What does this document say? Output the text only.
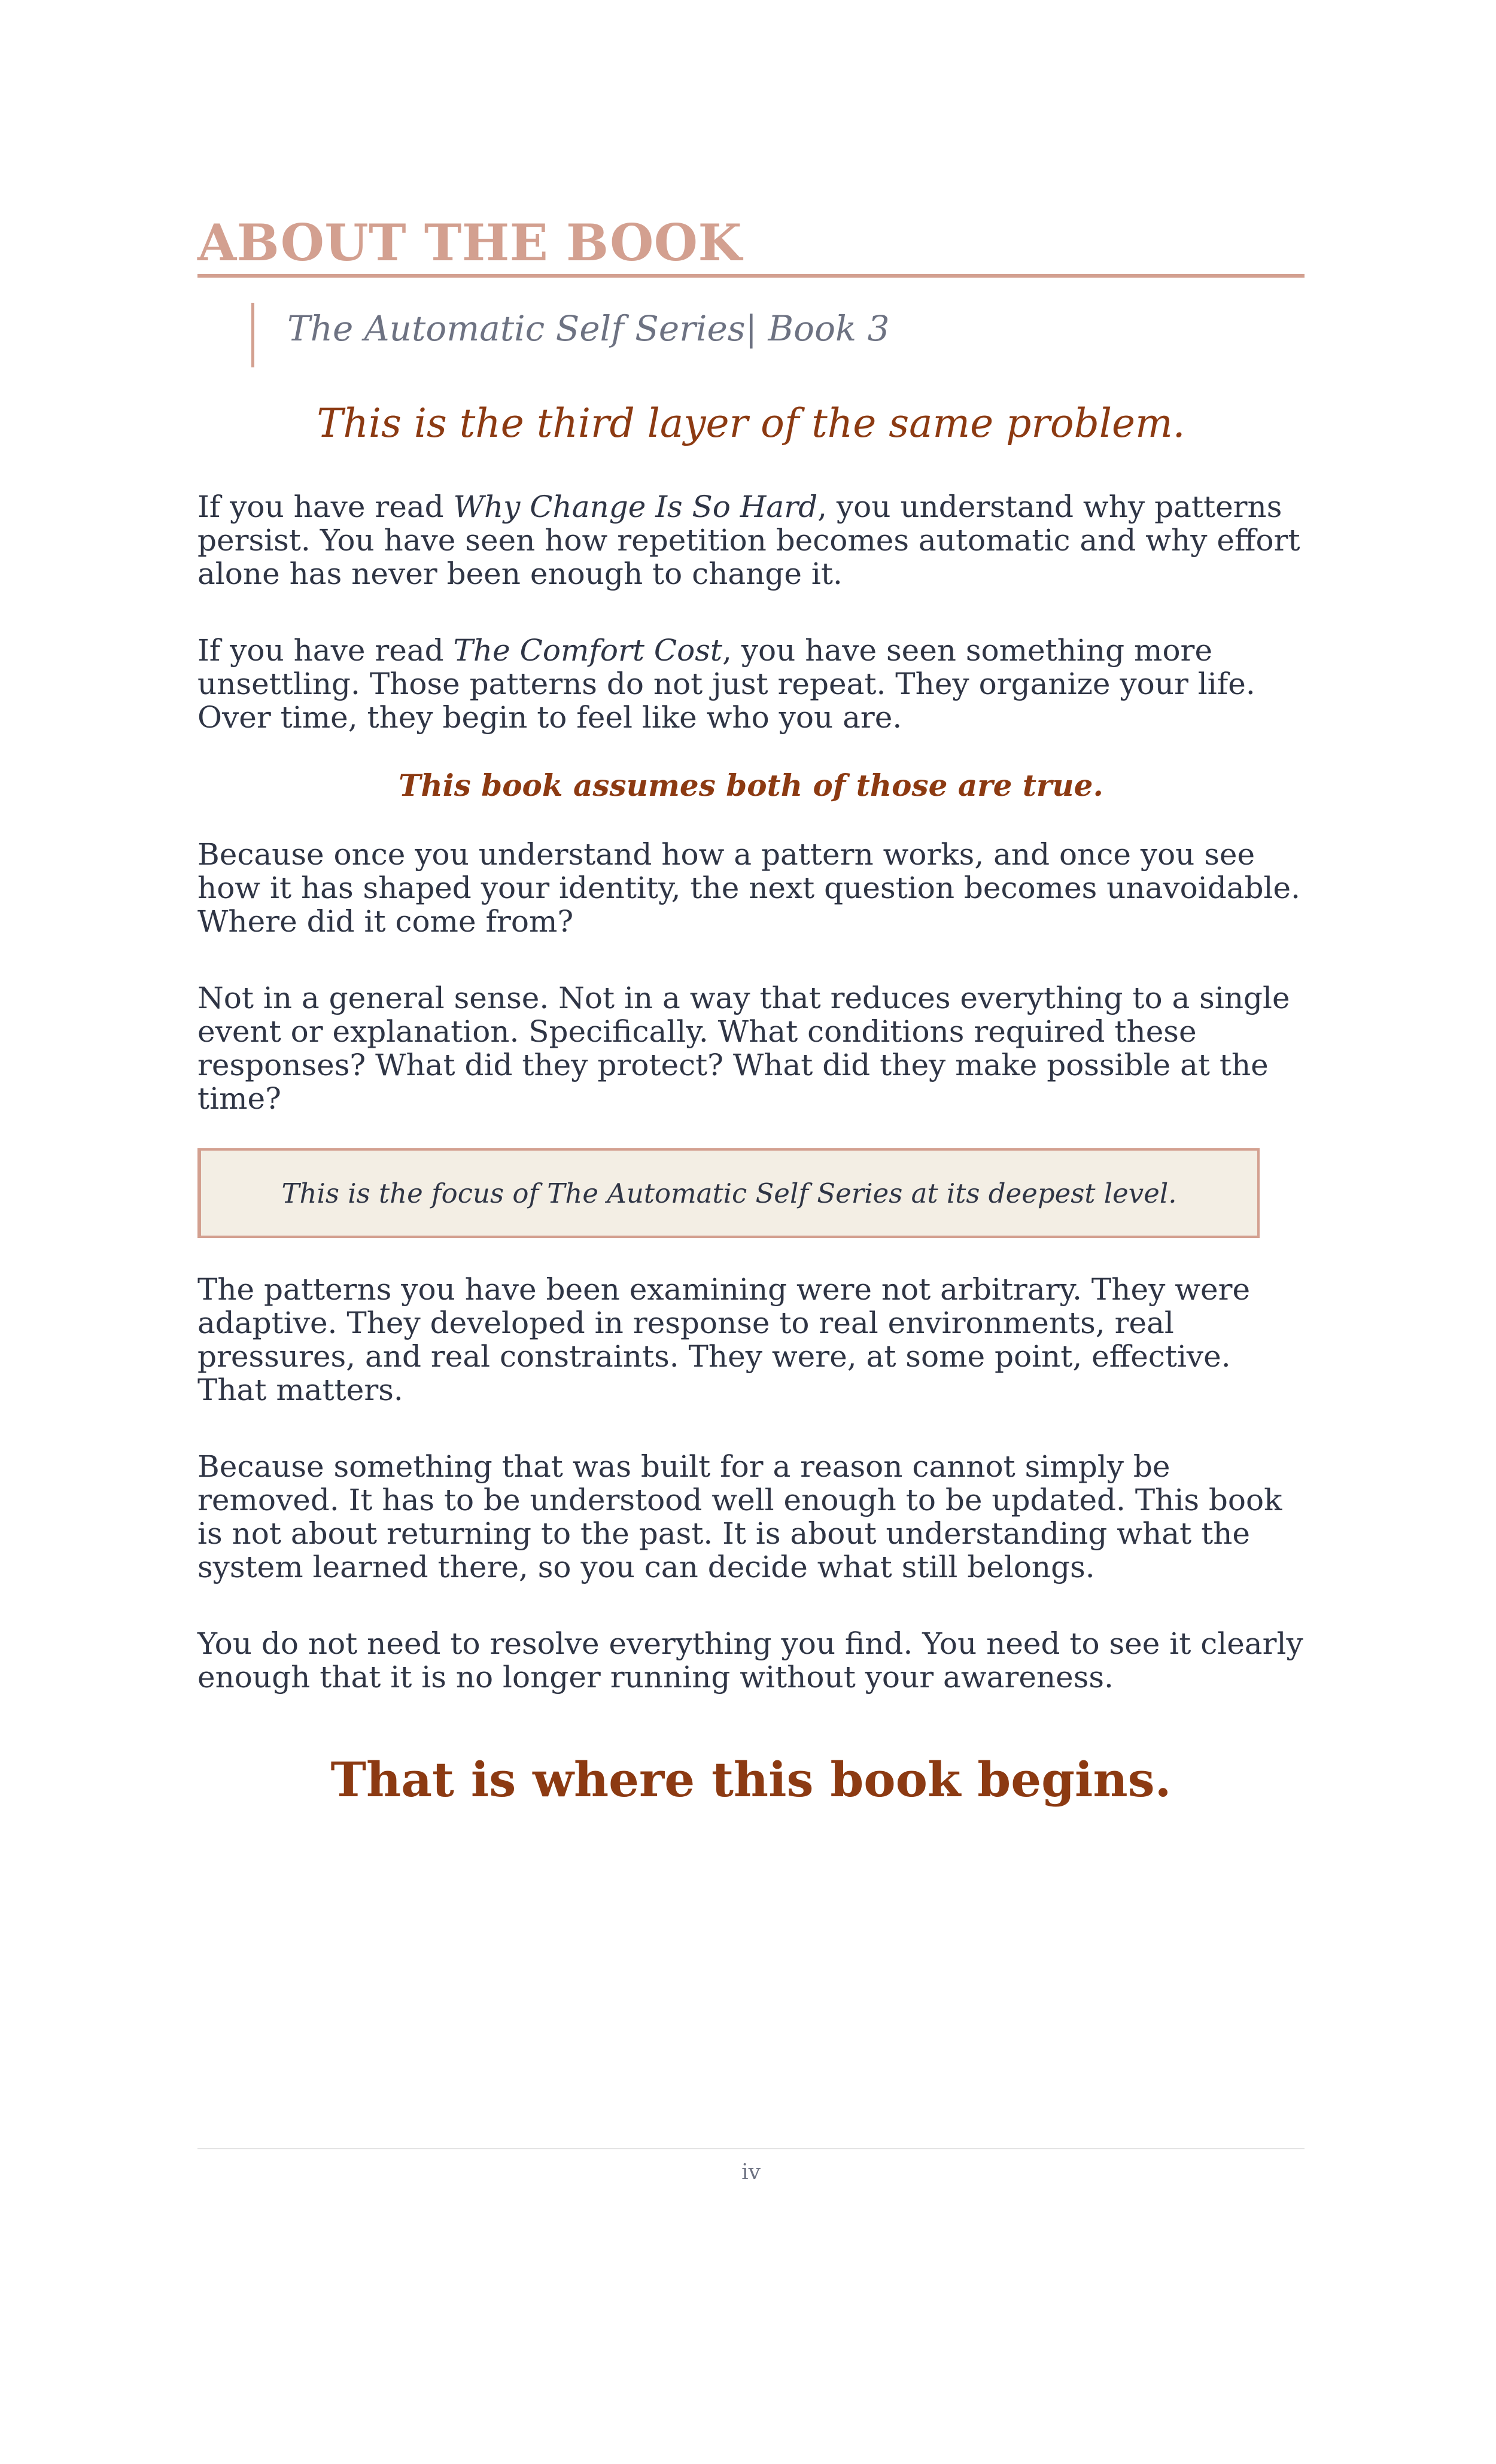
ABOUT THE BOOK
The Automatic Self Series| Book 3

This is the third layer of the same problem.

If you have read Why Change Is So Hard, you understand why patterns persist. You have seen how repetition becomes automatic and why effort alone has never been enough to change it.

If you have read The Comfort Cost, you have seen something more unsettling. Those patterns do not just repeat. They organize your life. Over time, they begin to feel like who you are.

This book assumes both of those are true.

Because once you understand how a pattern works, and once you see how it has shaped your identity, the next question becomes unavoidable. Where did it come from?

Not in a general sense. Not in a way that reduces everything to a single event or explanation. Specifically. What conditions required these responses? What did they protect? What did they make possible at the time?

This is the focus of The Automatic Self Series at its deepest level.

The patterns you have been examining were not arbitrary. They were adaptive. They developed in response to real environments, real pressures, and real constraints. They were, at some point, effective. That matters.

Because something that was built for a reason cannot simply be removed. It has to be understood well enough to be updated. This book is not about returning to the past. It is about understanding what the system learned there, so you can decide what still belongs.

You do not need to resolve everything you find. You need to see it clearly enough that it is no longer running without your awareness.

That is where this book begins.

iv
